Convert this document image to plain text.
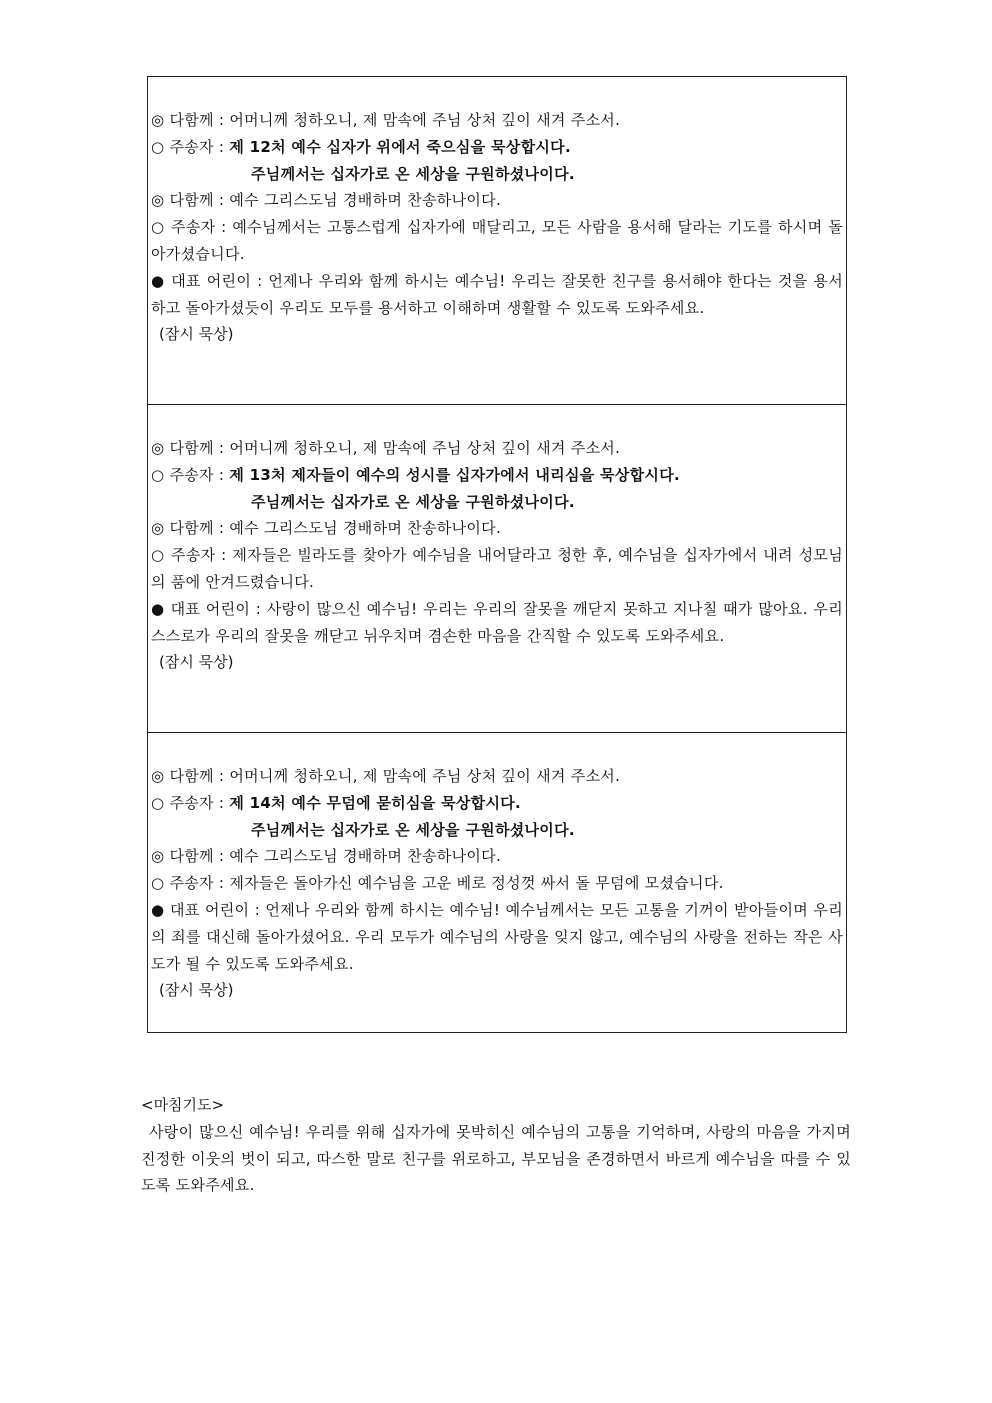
◎ 다함께 : 어머니께 청하오니, 제 맘속에 주님 상처 깊이 새겨 주소서.
○ 주송자 : 제 12처 예수 십자가 위에서 죽으심을 묵상합시다.
주님께서는 십자가로 온 세상을 구원하셨나이다.
◎ 다함께 : 예수 그리스도님 경배하며 찬송하나이다.
○ 주송자 : 예수님께서는 고통스럽게 십자가에 매달리고, 모든 사람을 용서해 달라는 기도를 하시며 돌아가셨습니다.
● 대표 어린이 : 언제나 우리와 함께 하시는 예수님! 우리는 잘못한 친구를 용서해야 한다는 것을 용서하고 돌아가셨듯이 우리도 모두를 용서하고 이해하며 생활할 수 있도록 도와주세요.
(잠시 묵상)
◎ 다함께 : 어머니께 청하오니, 제 맘속에 주님 상처 깊이 새겨 주소서.
○ 주송자 : 제 13처 제자들이 예수의 성시를 십자가에서 내리심을 묵상합시다.
주님께서는 십자가로 온 세상을 구원하셨나이다.
◎ 다함께 : 예수 그리스도님 경배하며 찬송하나이다.
○ 주송자 : 제자들은 빌라도를 찾아가 예수님을 내어달라고 청한 후, 예수님을 십자가에서 내려 성모님의 품에 안겨드렸습니다.
● 대표 어린이 : 사랑이 많으신 예수님! 우리는 우리의 잘못을 깨닫지 못하고 지나칠 때가 많아요. 우리 스스로가 우리의 잘못을 깨닫고 뉘우치며 겸손한 마음을 간직할 수 있도록 도와주세요.
(잠시 묵상)
◎ 다함께 : 어머니께 청하오니, 제 맘속에 주님 상처 깊이 새겨 주소서.
○ 주송자 : 제 14처 예수 무덤에 묻히심을 묵상합시다.
주님께서는 십자가로 온 세상을 구원하셨나이다.
◎ 다함께 : 예수 그리스도님 경배하며 찬송하나이다.
○ 주송자 : 제자들은 돌아가신 예수님을 고운 베로 정성껏 싸서 돌 무덤에 모셨습니다.
● 대표 어린이 : 언제나 우리와 함께 하시는 예수님! 예수님께서는 모든 고통을 기꺼이 받아들이며 우리의 죄를 대신해 돌아가셨어요. 우리 모두가 예수님의 사랑을 잊지 않고, 예수님의 사랑을 전하는 작은 사도가 될 수 있도록 도와주세요.
(잠시 묵상)
<마침기도>
사랑이 많으신 예수님! 우리를 위해 십자가에 못박히신 예수님의 고통을 기억하며, 사랑의 마음을 가지며 진정한 이웃의 벗이 되고, 따스한 말로 친구를 위로하고, 부모님을 존경하면서 바르게 예수님을 따를 수 있도록 도와주세요.
